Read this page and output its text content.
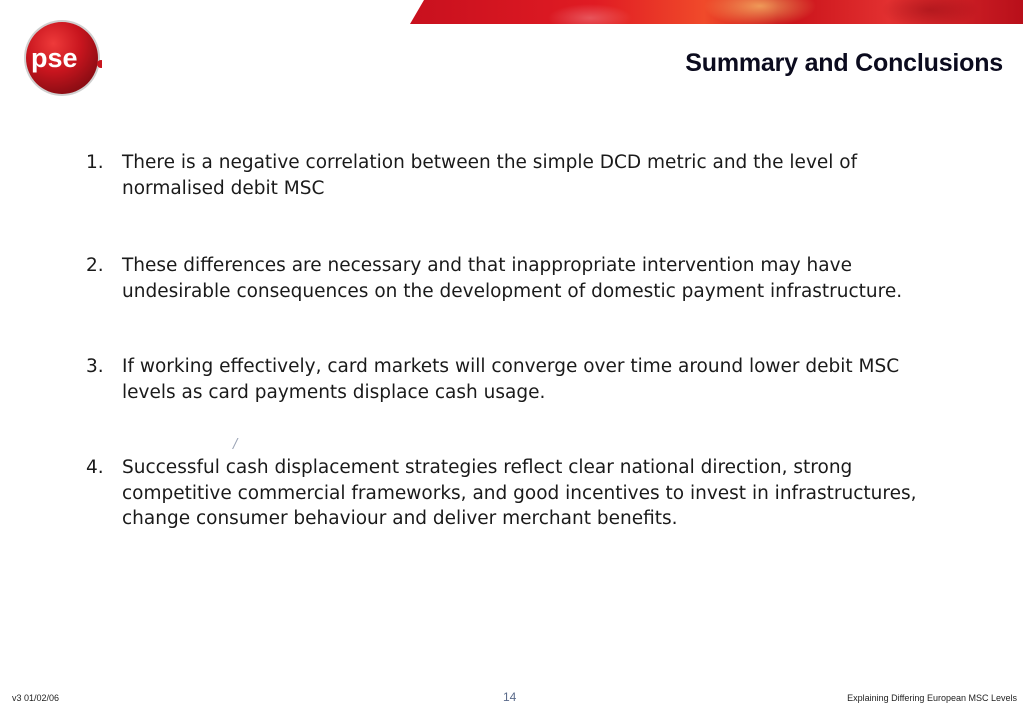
pse	Summary and Conclusions
1. There is a negative correlation between the simple DCD metric and the level of normalised debit MSC
2. These differences are necessary and that inappropriate intervention may have undesirable consequences on the development of domestic payment infrastructure.
3. If working effectively, card markets will converge over time around lower debit MSC levels as card payments displace cash usage.
4. Successful cash displacement strategies reflect clear national direction, strong competitive commercial frameworks, and good incentives to invest in infrastructures, change consumer behaviour and deliver merchant benefits.
/
v3 01/02/06	14	Explaining Differing European MSC Levels
